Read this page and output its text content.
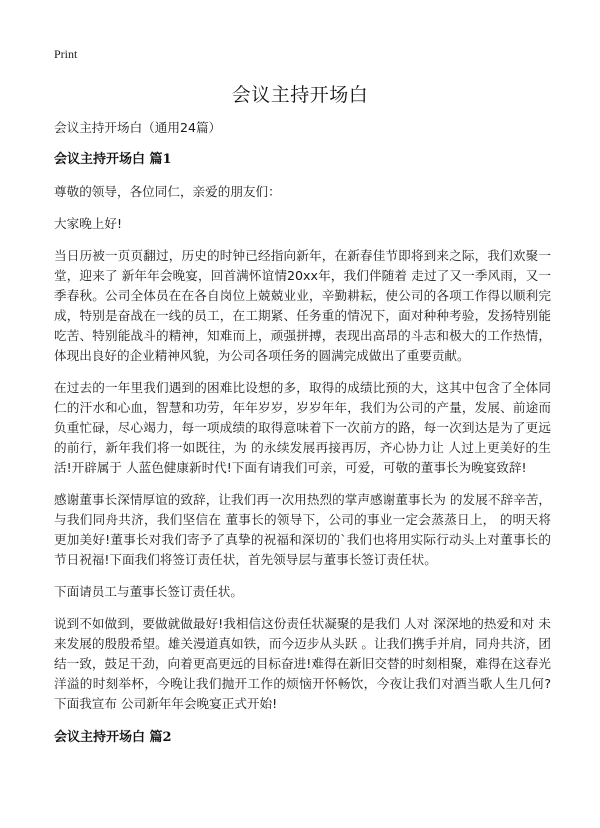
Print
会议主持开场白

会议主持开场白（通用24篇）

会议主持开场白 篇1

尊敬的领导，各位同仁，亲爱的朋友们：

大家晚上好!

当日历被一页页翻过，历史的时钟已经指向新年，在新春佳节即将到来之际，我们欢聚一堂，迎来了 新年年会晚宴，回首满怀谊情20xx年，我们伴随着 走过了又一季风雨，又一季春秋。公司全体员在在各自岗位上兢兢业业，辛勤耕耘，使公司的各项工作得以顺利完成，特别是奋战在一线的员工，在工期紧、任务重的情况下，面对种种考验，发扬特别能吃苦、特别能战斗的精神，知难而上，顽强拼搏，表现出高昂的斗志和极大的工作热情，体现出良好的企业精神风貌，为公司各项任务的圆满完成做出了重要贡献。

在过去的一年里我们遇到的困难比设想的多，取得的成绩比预的大，这其中包含了全体同仁的汗水和心血，智慧和功劳，年年岁岁，岁岁年年，我们为公司的产量，发展、前途而负重忙碌，尽心竭力，每一项成绩的取得意味着下一次前方的路，每一次到达是为了更远的前行，新年我们将一如既往，为 的永续发展再接再厉，齐心协力让 人过上更美好的生活!开辟属于 人蓝色健康新时代!下面有请我们可亲，可爱，可敬的董事长为晚宴致辞!

感谢董事长深情厚谊的致辞，让我们再一次用热烈的掌声感谢董事长为 的发展不辞辛苦，与我们同舟共济，我们坚信在 董事长的领导下，公司的事业一定会蒸蒸日上， 的明天将更加美好!董事长对我们寄予了真挚的祝福和深切的`我们也将用实际行动头上对董事长的节日祝福!下面我们将签订责任状，首先领导层与董事长签订责任状。

下面请员工与董事长签订责任状。

说到不如做到，要做就做最好!我相信这份责任状凝聚的是我们 人对 深深地的热爱和对 未来发展的殷殷希望。雄关漫道真如铁，而今迈步从头跃 。让我们携手并肩，同舟共济，团结一致，鼓足干劲，向着更高更远的目标奋进!难得在新旧交替的时刻相聚，难得在这春光洋溢的时刻举杯，今晚让我们抛开工作的烦恼开怀畅饮，今夜让我们对酒当歌人生几何?下面我宣布 公司新年年会晚宴正式开始!

会议主持开场白 篇2
